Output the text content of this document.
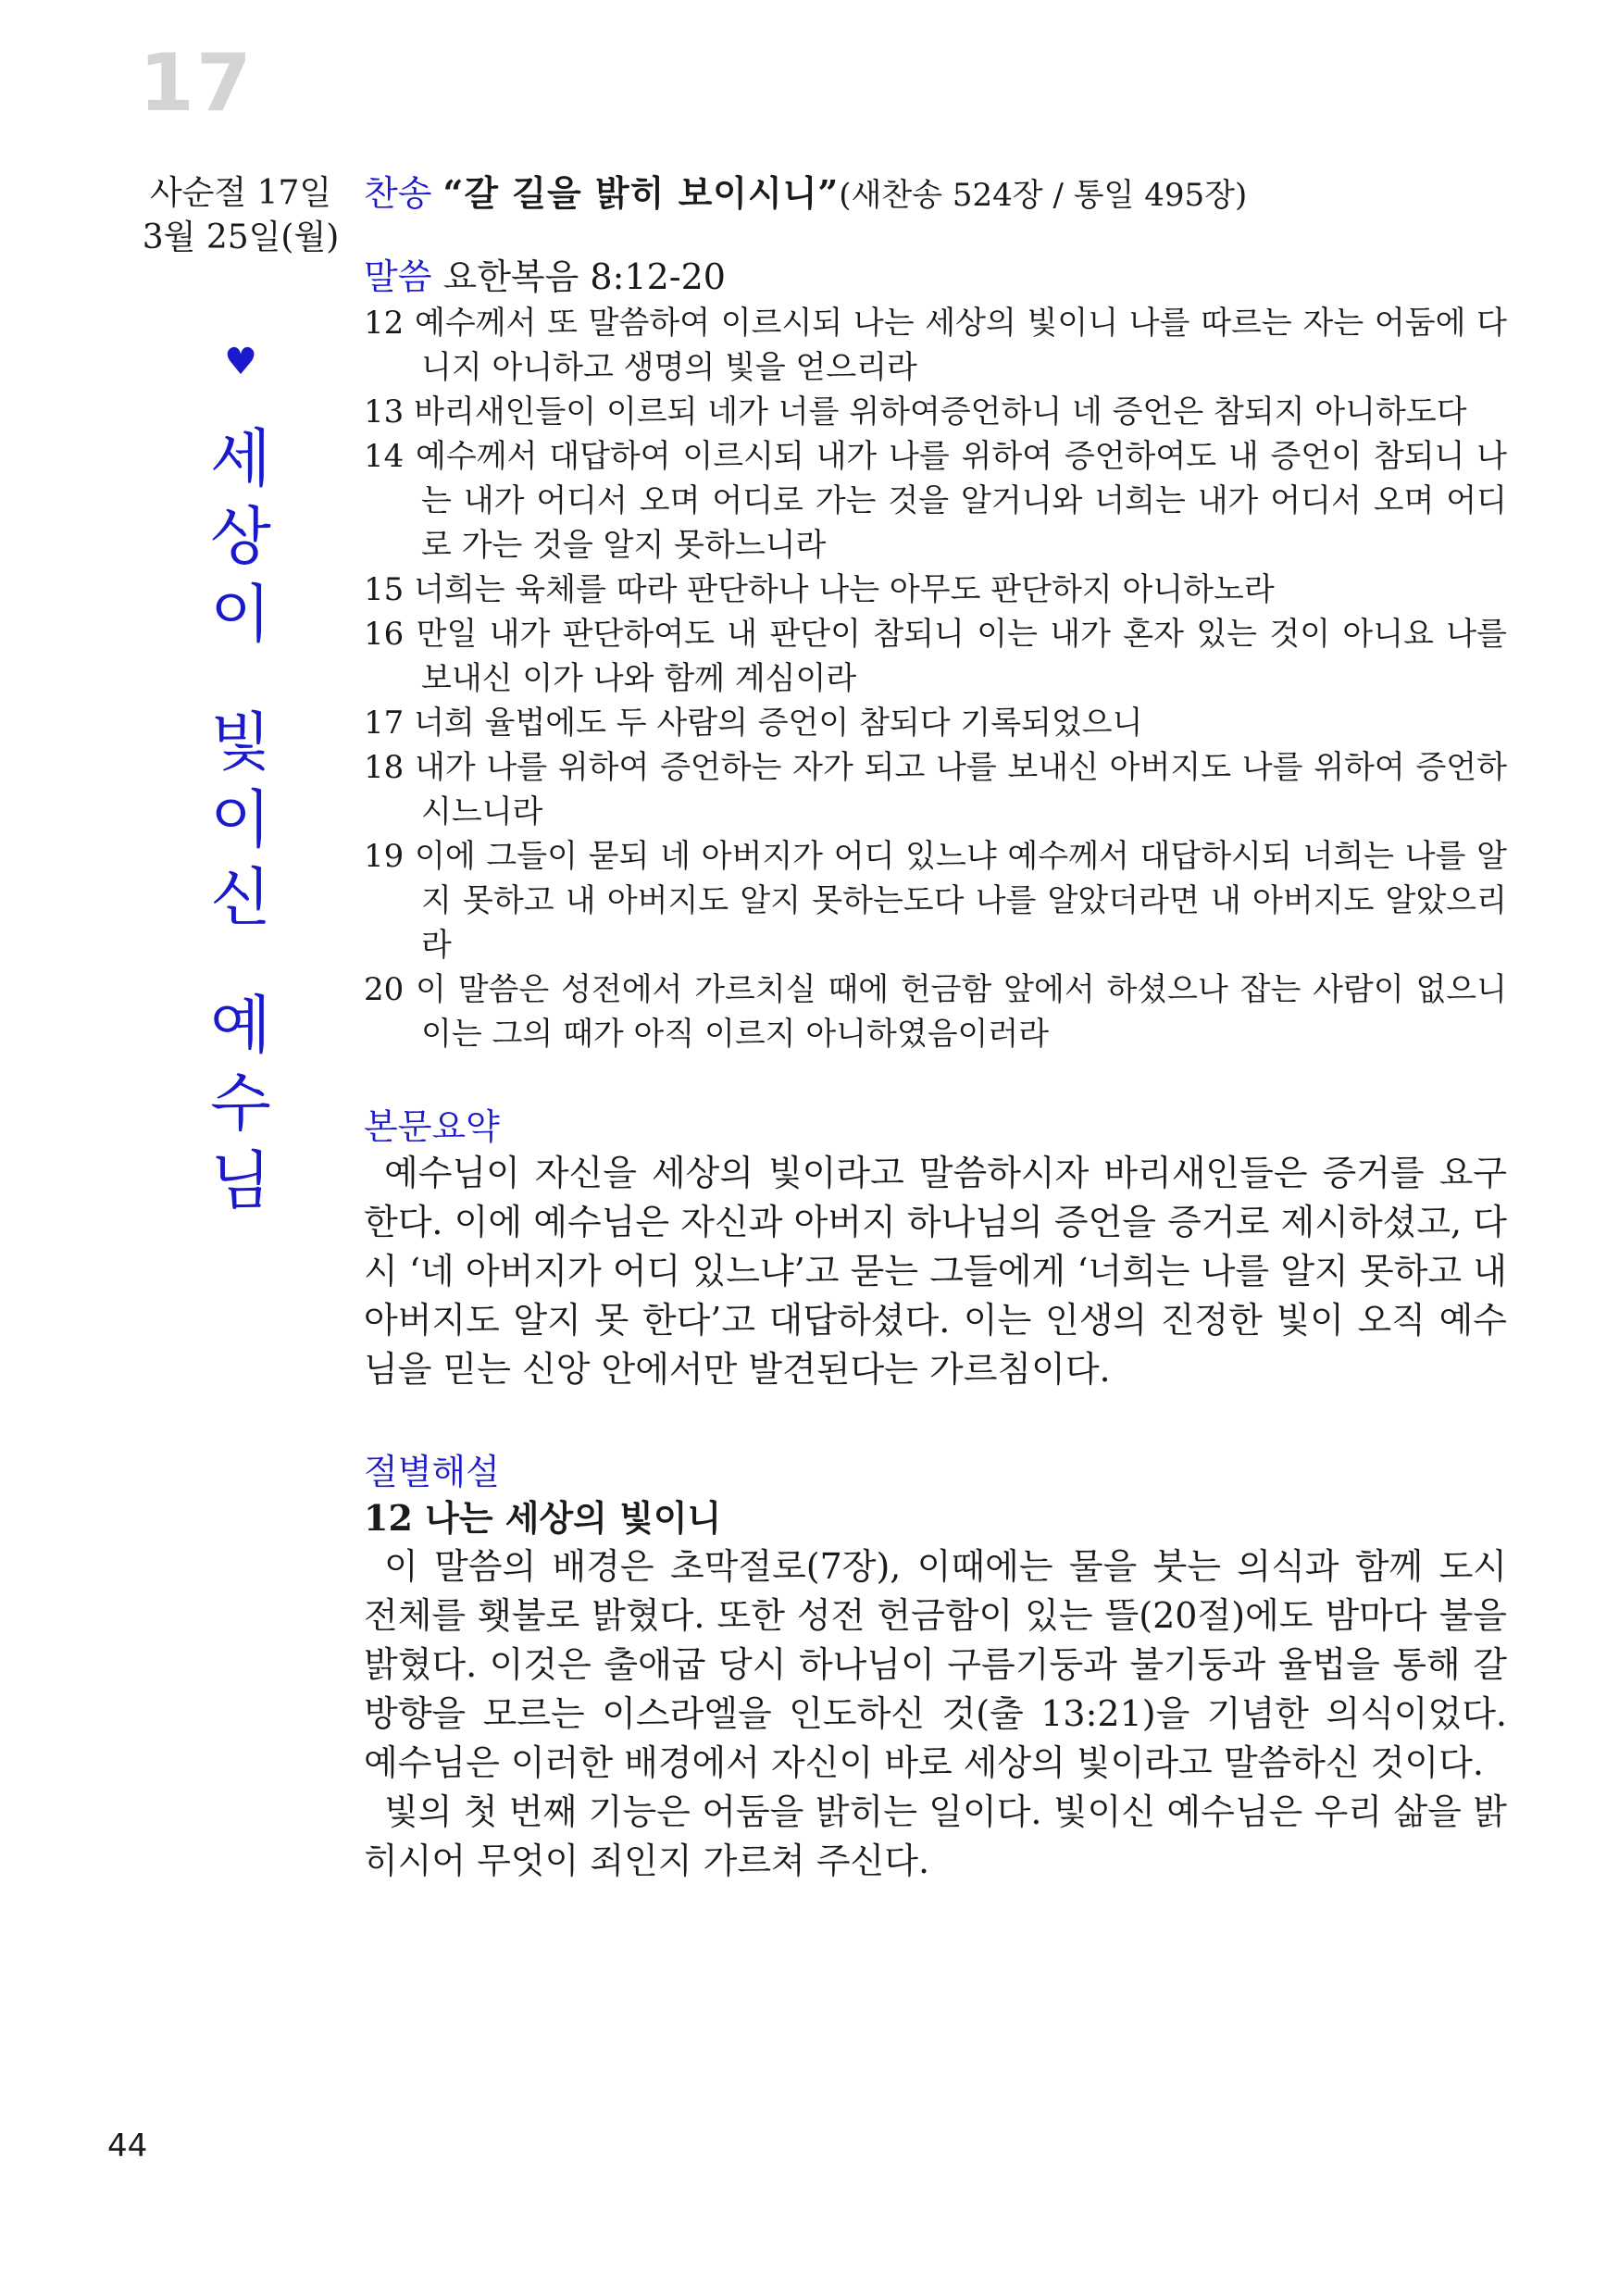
17
사순절 17일
3월 25일(월)
♥
세
상
이
빛
이
신
예
수
님
찬송 “갈 길을 밝히 보이시니”(새찬송 524장 / 통일 495장)
말씀 요한복음 8:12-20
12 예수께서 또 말씀하여 이르시되 나는 세상의 빛이니 나를 따르는 자는 어둠에 다니지 아니하고 생명의 빛을 얻으리라
13 바리새인들이 이르되 네가 너를 위하여증언하니 네 증언은 참되지 아니하도다
14 예수께서 대답하여 이르시되 내가 나를 위하여 증언하여도 내 증언이 참되니 나는 내가 어디서 오며 어디로 가는 것을 알거니와 너희는 내가 어디서 오며 어디로 가는 것을 알지 못하느니라
15 너희는 육체를 따라 판단하나 나는 아무도 판단하지 아니하노라
16 만일 내가 판단하여도 내 판단이 참되니 이는 내가 혼자 있는 것이 아니요 나를 보내신 이가 나와 함께 계심이라
17 너희 율법에도 두 사람의 증언이 참되다 기록되었으니
18 내가 나를 위하여 증언하는 자가 되고 나를 보내신 아버지도 나를 위하여 증언하시느니라
19 이에 그들이 묻되 네 아버지가 어디 있느냐 예수께서 대답하시되 너희는 나를 알지 못하고 내 아버지도 알지 못하는도다 나를 알았더라면 내 아버지도 알았으리라
20 이 말씀은 성전에서 가르치실 때에 헌금함 앞에서 하셨으나 잡는 사람이 없으니 이는 그의 때가 아직 이르지 아니하였음이러라
본문요약
예수님이 자신을 세상의 빛이라고 말씀하시자 바리새인들은 증거를 요구한다. 이에 예수님은 자신과 아버지 하나님의 증언을 증거로 제시하셨고, 다시 ‘네 아버지가 어디 있느냐’고 묻는 그들에게 ‘너희는 나를 알지 못하고 내 아버지도 알지 못 한다’고 대답하셨다. 이는 인생의 진정한 빛이 오직 예수님을 믿는 신앙 안에서만 발견된다는 가르침이다.
절별해설
12 나는 세상의 빛이니
이 말씀의 배경은 초막절로(7장), 이때에는 물을 붓는 의식과 함께 도시 전체를 횃불로 밝혔다. 또한 성전 헌금함이 있는 뜰(20절)에도 밤마다 불을 밝혔다. 이것은 출애굽 당시 하나님이 구름기둥과 불기둥과 율법을 통해 갈 방향을 모르는 이스라엘을 인도하신 것(출 13:21)을 기념한 의식이었다. 예수님은 이러한 배경에서 자신이 바로 세상의 빛이라고 말씀하신 것이다.
빛의 첫 번째 기능은 어둠을 밝히는 일이다. 빛이신 예수님은 우리 삶을 밝히시어 무엇이 죄인지 가르쳐 주신다.
44
